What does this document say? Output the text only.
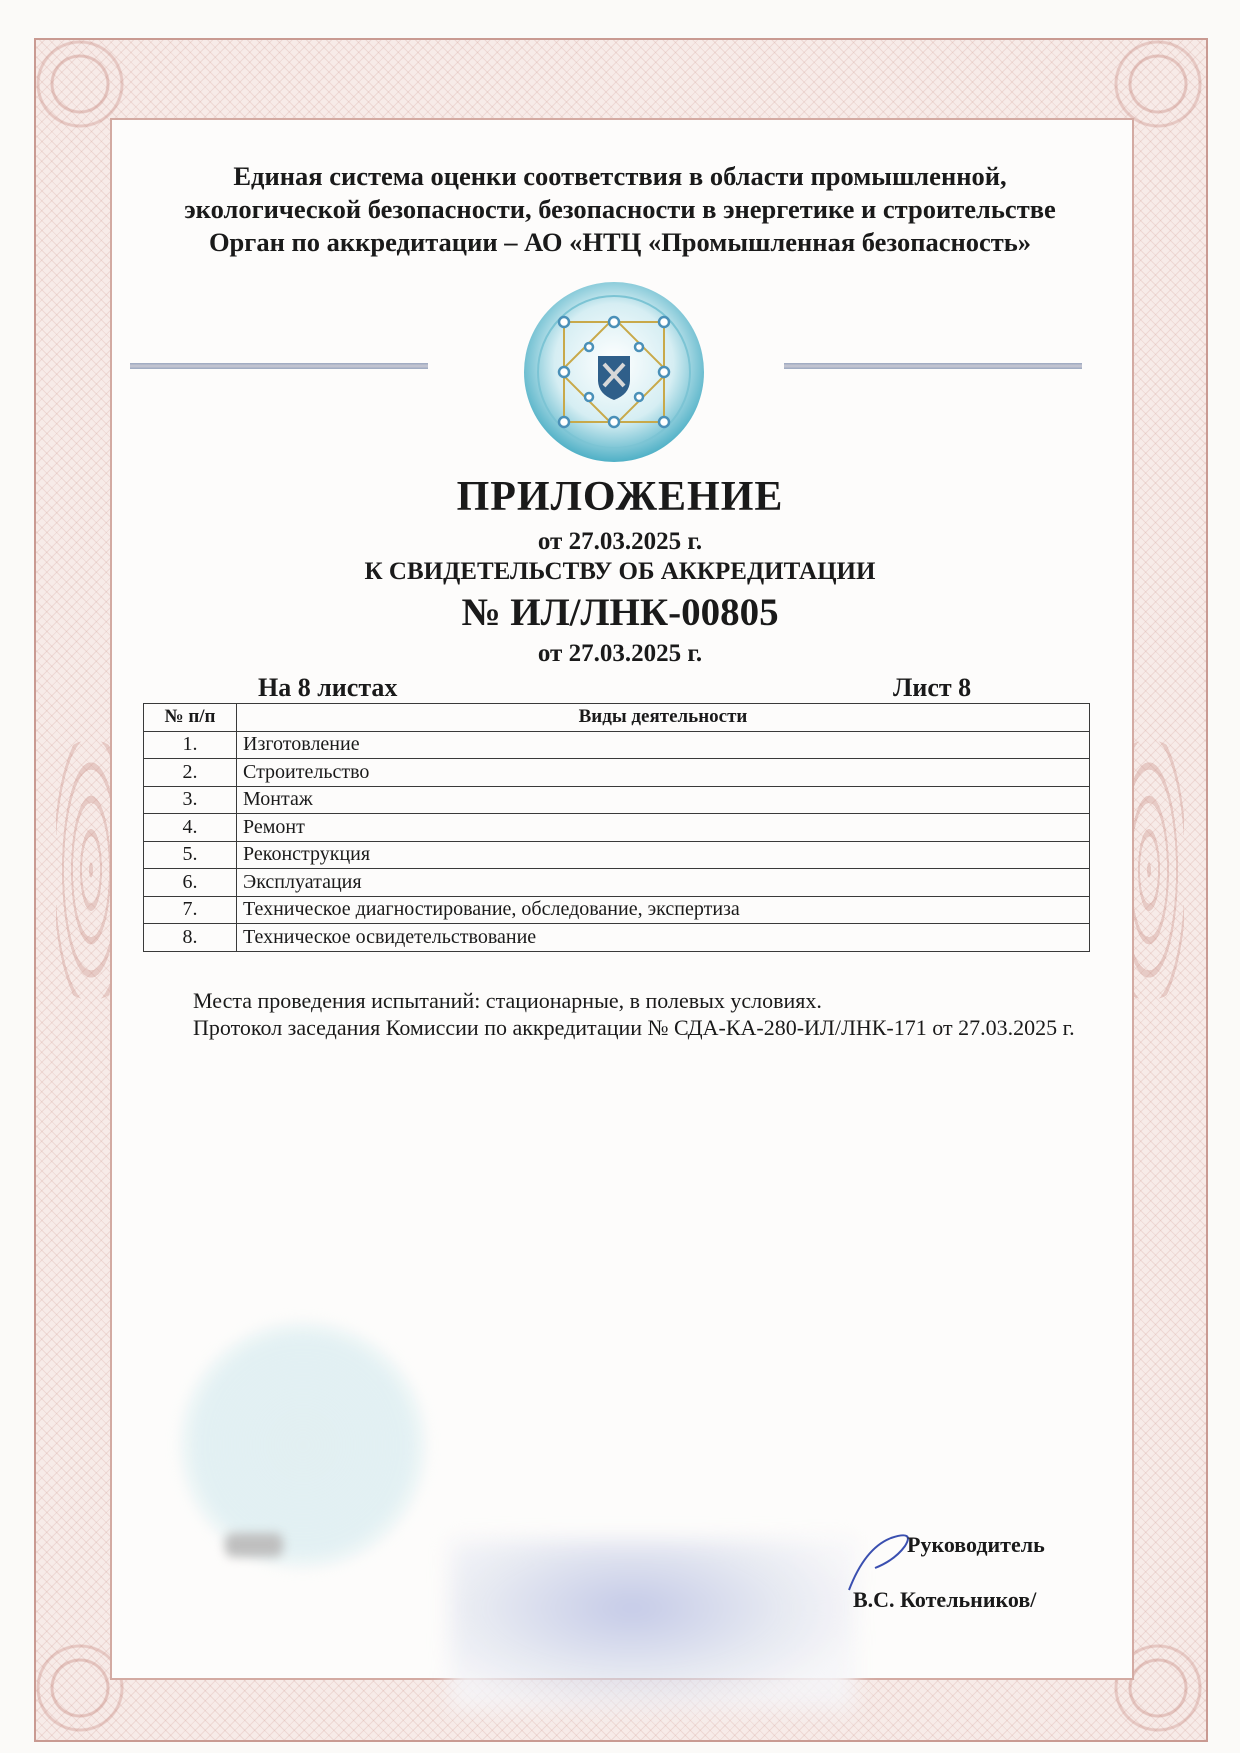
Единая система оценки соответствия в области промышленной,
экологической безопасности, безопасности в энергетике и строительстве
Орган по аккредитации – АО «НТЦ «Промышленная безопасность»
ПРИЛОЖЕНИЕ
от 27.03.2025 г.
К СВИДЕТЕЛЬСТВУ ОБ АККРЕДИТАЦИИ
№ ИЛ/ЛНК-00805
от 27.03.2025 г.
На 8 листах	Лист 8
№ п/п	Виды деятельности
1.	Изготовление
2.	Строительство
3.	Монтаж
4.	Ремонт
5.	Реконструкция
6.	Эксплуатация
7.	Техническое диагностирование, обследование, экспертиза
8.	Техническое освидетельствование
Места проведения испытаний: стационарные, в полевых условиях.
Протокол заседания Комиссии по аккредитации № СДА-КА-280-ИЛ/ЛНК-171 от 27.03.2025 г.
Руководитель
В.С. Котельников/
